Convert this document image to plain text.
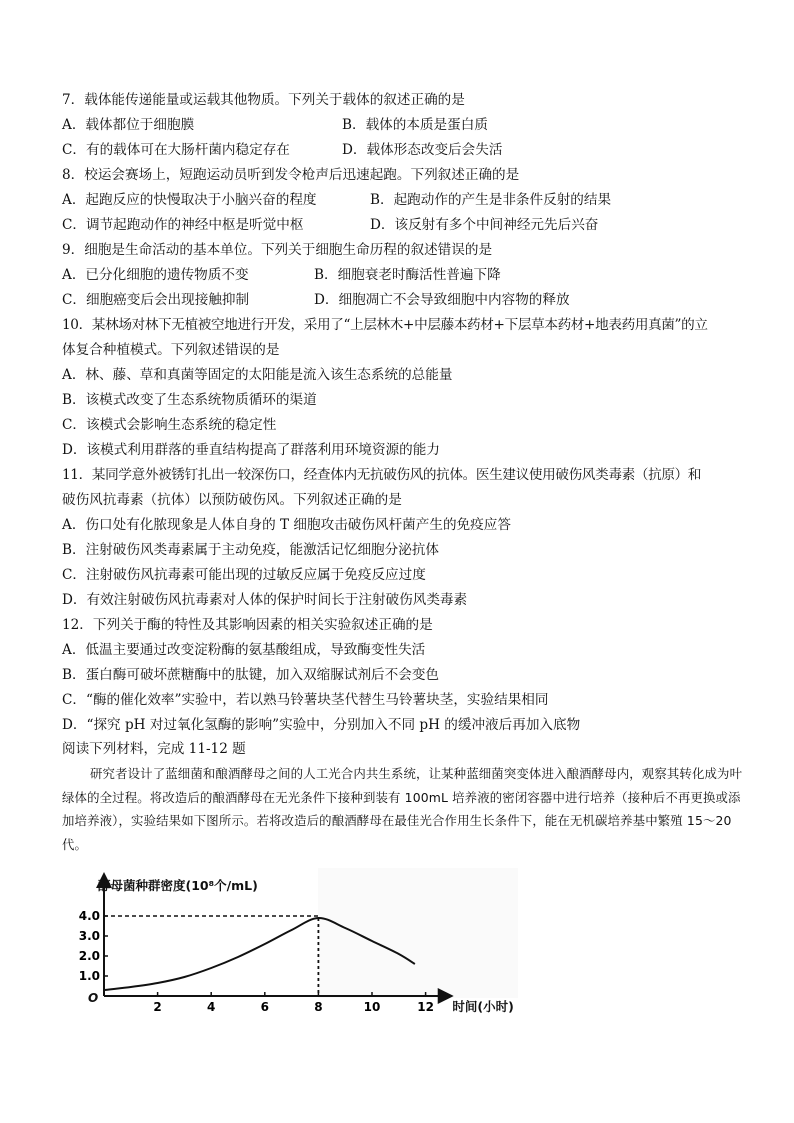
7．载体能传递能量或运载其他物质。下列关于载体的叙述正确的是
A．载体都位于细胞膜	B．载体的本质是蛋白质
C．有的载体可在大肠杆菌内稳定存在	D．载体形态改变后会失活
8．校运会赛场上，短跑运动员听到发令枪声后迅速起跑。下列叙述正确的是
A．起跑反应的快慢取决于小脑兴奋的程度	B．起跑动作的产生是非条件反射的结果
C．调节起跑动作的神经中枢是听觉中枢	D．该反射有多个中间神经元先后兴奋
9．细胞是生命活动的基本单位。下列关于细胞生命历程的叙述错误的是
A．已分化细胞的遗传物质不变	B．细胞衰老时酶活性普遍下降
C．细胞癌变后会出现接触抑制	D．细胞凋亡不会导致细胞中内容物的释放
10．某林场对林下无植被空地进行开发，采用了“上层林木+中层藤本药材+下层草本药材+地表药用真菌”的立
体复合种植模式。下列叙述错误的是
A．林、藤、草和真菌等固定的太阳能是流入该生态系统的总能量
B．该模式改变了生态系统物质循环的渠道
C．该模式会影响生态系统的稳定性
D．该模式利用群落的垂直结构提高了群落利用环境资源的能力
11．某同学意外被锈钉扎出一较深伤口，经查体内无抗破伤风的抗体。医生建议使用破伤风类毒素（抗原）和
破伤风抗毒素（抗体）以预防破伤风。下列叙述正确的是
A．伤口处有化脓现象是人体自身的 T 细胞攻击破伤风杆菌产生的免疫应答
B．注射破伤风类毒素属于主动免疫，能激活记忆细胞分泌抗体
C．注射破伤风抗毒素可能出现的过敏反应属于免疫反应过度
D．有效注射破伤风抗毒素对人体的保护时间长于注射破伤风类毒素
12．下列关于酶的特性及其影响因素的相关实验叙述正确的是
A．低温主要通过改变淀粉酶的氨基酸组成，导致酶变性失活
B．蛋白酶可破坏蔗糖酶中的肽键，加入双缩脲试剂后不会变色
C．“酶的催化效率”实验中，若以熟马铃薯块茎代替生马铃薯块茎，实验结果相同
D．“探究 pH 对过氧化氢酶的影响”实验中，分别加入不同 pH 的缓冲液后再加入底物
阅读下列材料，完成 11-12 题
研究者设计了蓝细菌和酿酒酵母之间的人工光合内共生系统，让某种蓝细菌突变体进入酿酒酵母内，观察其转化成为叶绿体的全过程。将改造后的酿酒酵母在无光条件下接种到装有 100mL 培养液的密闭容器中进行培养（接种后不再更换或添加培养液），实验结果如下图所示。若将改造后的酿酒酵母在最佳光合作用生长条件下，能在无机碳培养基中繁殖 15～20 代。
酵母菌种群密度(10⁸个/mL)
时间(小时)
O
2	4	6	8	10	12
1.0
2.0
3.0
4.0
